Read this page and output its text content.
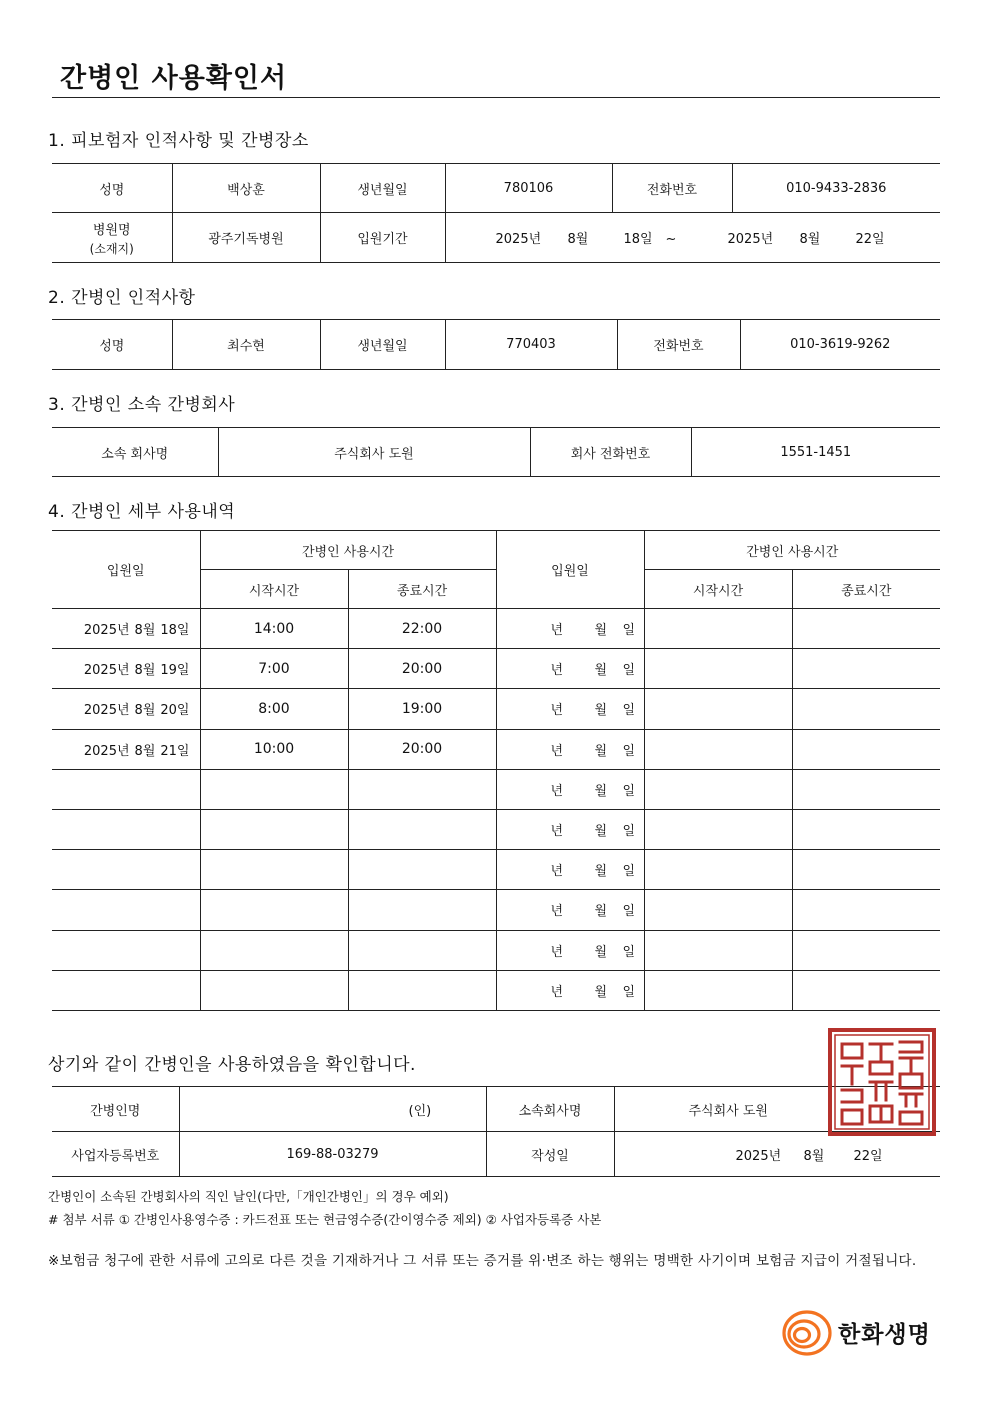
간병인 사용확인서
1. 피보험자 인적사항 및 간병장소
성명	백상훈	생년월일	780106	전화번호	010-9433-2836
병원명
(소재지)	광주기독병원	입원기간	2025년 8월 18일 ~ 2025년 8월 22일		
2. 간병인 인적사항
성명	최수현	생년월일	770403	전화번호	010-3619-9262
3. 간병인 소속 간병회사
소속 회사명	주식회사 도원	회사 전화번호	1551-1451
4. 간병인 세부 사용내역
입원일	간병인 사용시간		입원일	간병인 사용시간	
	시작시간	종료시간		시작시간	종료시간
2025년 8월 18일	14:00	22:00	년 월 일		
2025년 8월 19일	7:00	20:00	년 월 일		
2025년 8월 20일	8:00	19:00	년 월 일		
2025년 8월 21일	10:00	20:00	년 월 일		
			년 월 일		
			년 월 일		
			년 월 일		
			년 월 일		
			년 월 일		
			년 월 일		
상기와 같이 간병인을 사용하였음을 확인합니다.
간병인명	(인)	소속회사명	주식회사 도원
사업자등록번호	169-88-03279	작성일	2025년 8월 22일
간병인이 소속된 간병회사의 직인 날인(다만,「개인간병인」의 경우 예외)
# 첨부 서류 ① 간병인사용영수증 : 카드전표 또는 현금영수증(간이영수증 제외) ② 사업자등록증 사본
※보험금 청구에 관한 서류에 고의로 다른 것을 기재하거나 그 서류 또는 증거를 위·변조 하는 행위는 명백한 사기이며 보험금 지급이 거절됩니다.
한화생명
